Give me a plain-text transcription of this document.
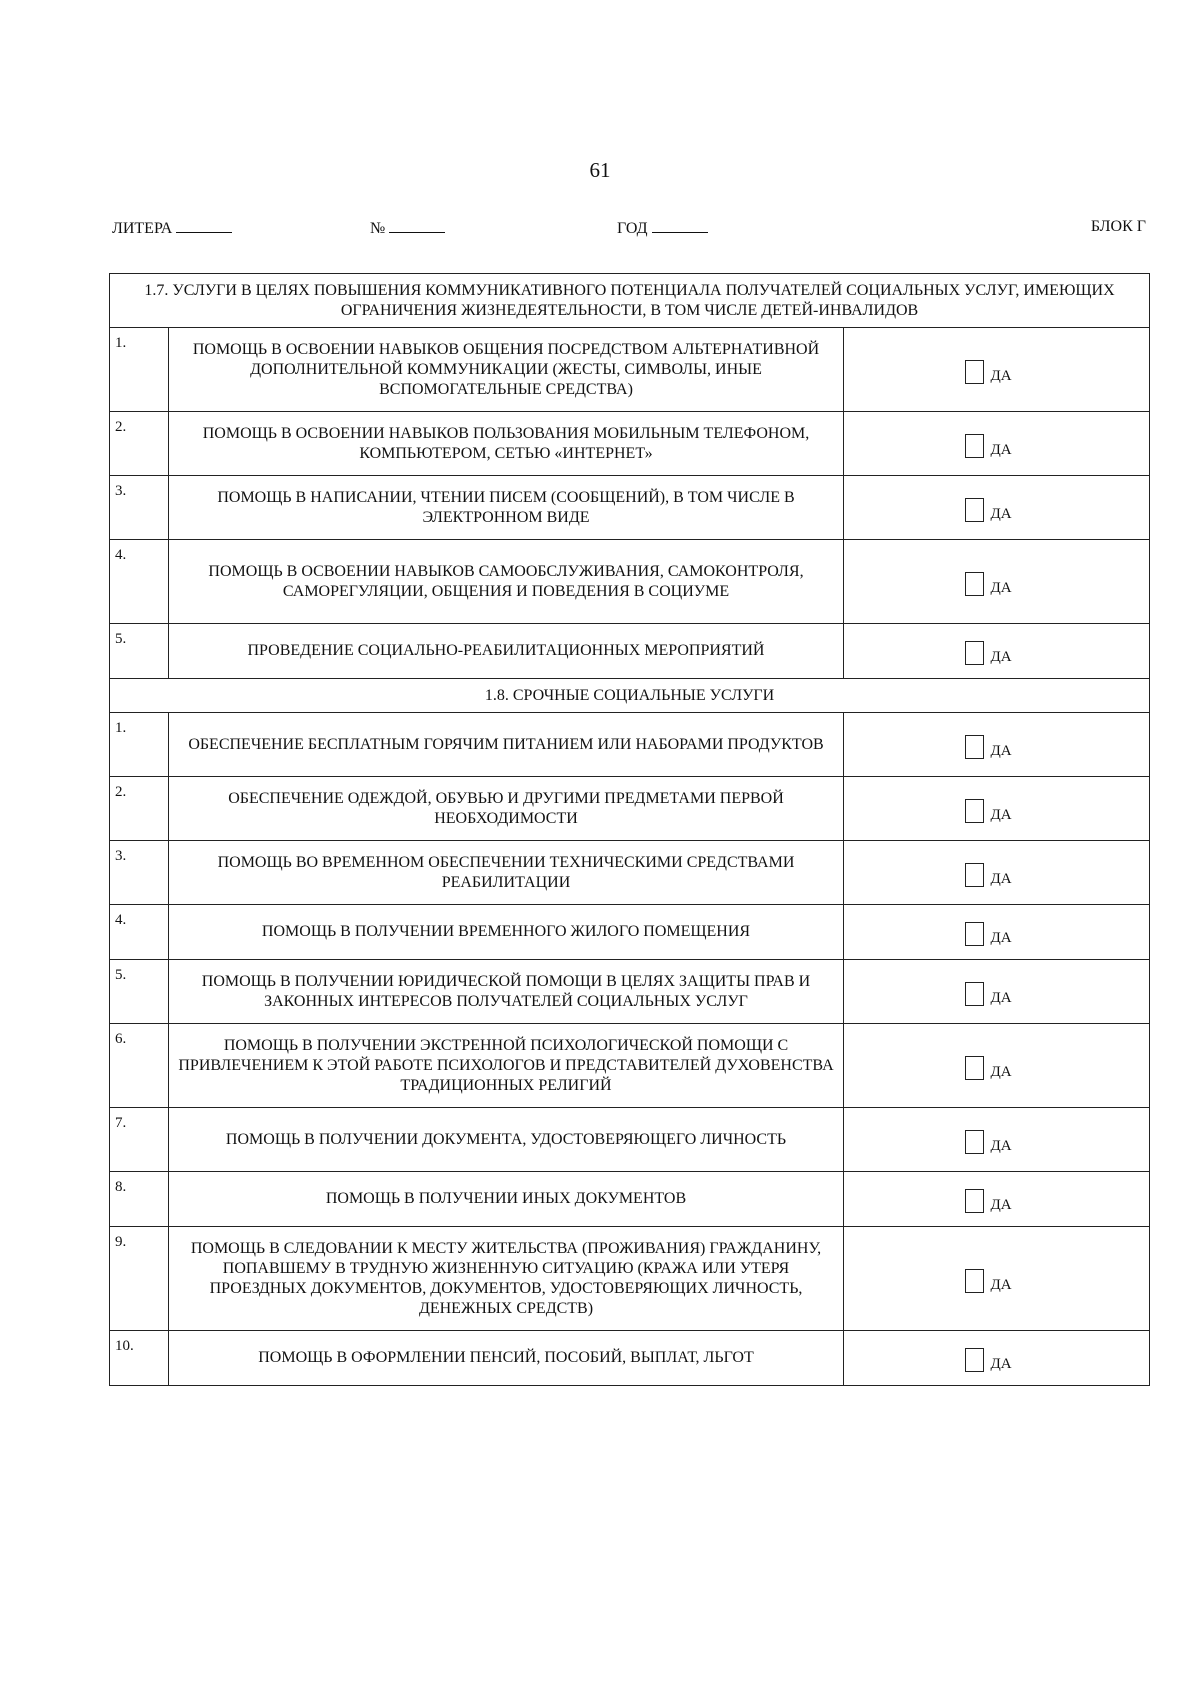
61
ЛИТЕРА	№	ГОД	БЛОК Г
1.7. УСЛУГИ В ЦЕЛЯХ ПОВЫШЕНИЯ КОММУНИКАТИВНОГО ПОТЕНЦИАЛА ПОЛУЧАТЕЛЕЙ СОЦИАЛЬНЫХ УСЛУГ, ИМЕЮЩИХ ОГРАНИЧЕНИЯ ЖИЗНЕДЕЯТЕЛЬНОСТИ, В ТОМ ЧИСЛЕ ДЕТЕЙ-ИНВАЛИДОВ		
1.	ПОМОЩЬ В ОСВОЕНИИ НАВЫКОВ ОБЩЕНИЯ ПОСРЕДСТВОМ АЛЬТЕРНАТИВНОЙ ДОПОЛНИТЕЛЬНОЙ КОММУНИКАЦИИ (ЖЕСТЫ, СИМВОЛЫ, ИНЫЕ ВСПОМОГАТЕЛЬНЫЕ СРЕДСТВА)	ДА
2.	ПОМОЩЬ В ОСВОЕНИИ НАВЫКОВ ПОЛЬЗОВАНИЯ МОБИЛЬНЫМ ТЕЛЕФОНОМ, КОМПЬЮТЕРОМ, СЕТЬЮ «ИНТЕРНЕТ»	ДА
3.	ПОМОЩЬ В НАПИСАНИИ, ЧТЕНИИ ПИСЕМ (СООБЩЕНИЙ), В ТОМ ЧИСЛЕ В ЭЛЕКТРОННОМ ВИДЕ	ДА
4.	ПОМОЩЬ В ОСВОЕНИИ НАВЫКОВ САМООБСЛУЖИВАНИЯ, САМОКОНТРОЛЯ, САМОРЕГУЛЯЦИИ, ОБЩЕНИЯ И ПОВЕДЕНИЯ В СОЦИУМЕ	ДА
5.	ПРОВЕДЕНИЕ СОЦИАЛЬНО-РЕАБИЛИТАЦИОННЫХ МЕРОПРИЯТИЙ	ДА
1.8. СРОЧНЫЕ СОЦИАЛЬНЫЕ УСЛУГИ		
1.	ОБЕСПЕЧЕНИЕ БЕСПЛАТНЫМ ГОРЯЧИМ ПИТАНИЕМ ИЛИ НАБОРАМИ ПРОДУКТОВ	ДА
2.	ОБЕСПЕЧЕНИЕ ОДЕЖДОЙ, ОБУВЬЮ И ДРУГИМИ ПРЕДМЕТАМИ ПЕРВОЙ НЕОБХОДИМОСТИ	ДА
3.	ПОМОЩЬ ВО ВРЕМЕННОМ ОБЕСПЕЧЕНИИ ТЕХНИЧЕСКИМИ СРЕДСТВАМИ РЕАБИЛИТАЦИИ	ДА
4.	ПОМОЩЬ В ПОЛУЧЕНИИ ВРЕМЕННОГО ЖИЛОГО ПОМЕЩЕНИЯ	ДА
5.	ПОМОЩЬ В ПОЛУЧЕНИИ ЮРИДИЧЕСКОЙ ПОМОЩИ В ЦЕЛЯХ ЗАЩИТЫ ПРАВ И ЗАКОННЫХ ИНТЕРЕСОВ ПОЛУЧАТЕЛЕЙ СОЦИАЛЬНЫХ УСЛУГ	ДА
6.	ПОМОЩЬ В ПОЛУЧЕНИИ ЭКСТРЕННОЙ ПСИХОЛОГИЧЕСКОЙ ПОМОЩИ С ПРИВЛЕЧЕНИЕМ К ЭТОЙ РАБОТЕ ПСИХОЛОГОВ И ПРЕДСТАВИТЕЛЕЙ ДУХОВЕНСТВА ТРАДИЦИОННЫХ РЕЛИГИЙ	ДА
7.	ПОМОЩЬ В ПОЛУЧЕНИИ ДОКУМЕНТА, УДОСТОВЕРЯЮЩЕГО ЛИЧНОСТЬ	ДА
8.	ПОМОЩЬ В ПОЛУЧЕНИИ ИНЫХ ДОКУМЕНТОВ	ДА
9.	ПОМОЩЬ В СЛЕДОВАНИИ К МЕСТУ ЖИТЕЛЬСТВА (ПРОЖИВАНИЯ) ГРАЖДАНИНУ, ПОПАВШЕМУ В ТРУДНУЮ ЖИЗНЕННУЮ СИТУАЦИЮ (КРАЖА ИЛИ УТЕРЯ ПРОЕЗДНЫХ ДОКУМЕНТОВ, ДОКУМЕНТОВ, УДОСТОВЕРЯЮЩИХ ЛИЧНОСТЬ, ДЕНЕЖНЫХ СРЕДСТВ)	ДА
10.	ПОМОЩЬ В ОФОРМЛЕНИИ ПЕНСИЙ, ПОСОБИЙ, ВЫПЛАТ, ЛЬГОТ	ДА
